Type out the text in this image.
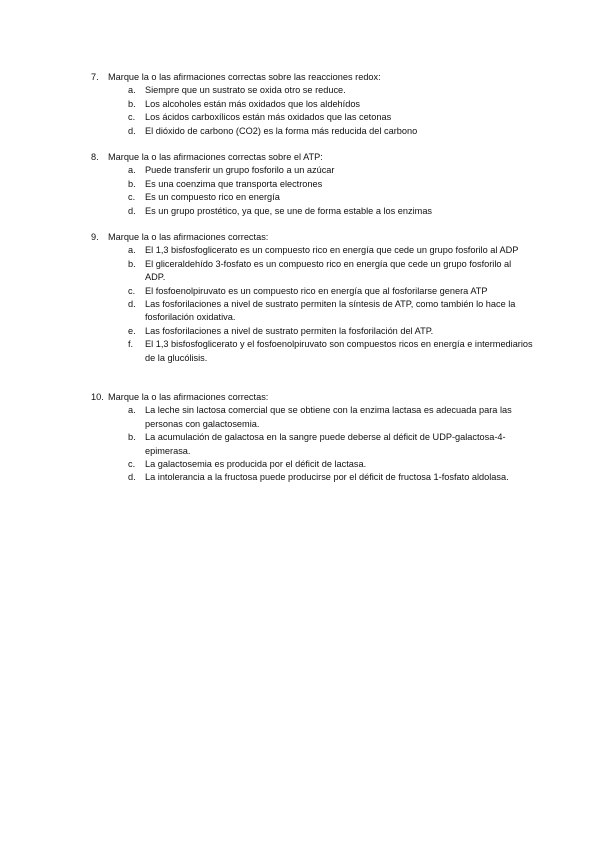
7.	Marque la o las afirmaciones correctas sobre las reacciones redox:
a.	Siempre que un sustrato se oxida otro se reduce.
b.	Los alcoholes están más oxidados que los aldehídos
c.	Los ácidos carboxílicos están más oxidados que las cetonas
d.	El dióxido de carbono (CO2) es la forma más reducida del carbono
8.	Marque la o las afirmaciones correctas sobre el ATP:
a.	Puede transferir un grupo fosforilo a un azúcar
b.	Es una coenzima que transporta electrones
c.	Es un compuesto rico en energía
d.	Es un grupo prostético, ya que, se une de forma estable a los enzimas
9.	Marque la o las afirmaciones correctas:
a.	El 1,3 bisfosfoglicerato es un compuesto rico en energía que cede un grupo fosforilo al ADP
b.	El gliceraldehído 3-fosfato es un compuesto rico en energía que cede un grupo fosforilo al ADP.
c.	El fosfoenolpiruvato es un compuesto rico en energía que al fosforilarse genera ATP
d.	Las fosforilaciones a nivel de sustrato permiten la síntesis de ATP, como también lo hace la fosforilación oxidativa.
e.	Las fosforilaciones a nivel de sustrato permiten la fosforilación del ATP.
f.	El 1,3 bisfosfoglicerato y el fosfoenolpiruvato son compuestos ricos en energía e intermediarios de la glucólisis.
10. Marque la o las afirmaciones correctas:
a.	La leche sin lactosa comercial que se obtiene con la enzima lactasa es adecuada para las personas con galactosemia.
b.	La acumulación de galactosa en la sangre puede deberse al déficit de UDP-galactosa-4-epimerasa.
c.	La galactosemia es producida por el déficit de lactasa.
d.	La intolerancia a la fructosa puede producirse por el déficit de fructosa 1-fosfato aldolasa.
